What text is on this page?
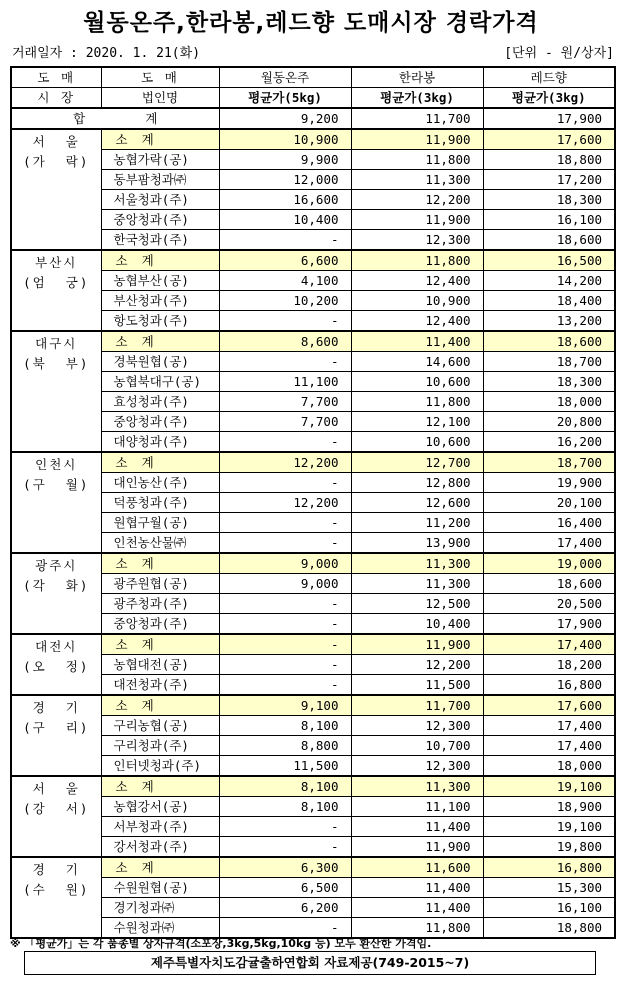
월동온주,한라봉,레드향 도매시장 경락가격
거래일자 : 2020. 1. 21(화)	[단위 - 원/상자]
도 매	도 매	월동온주	한라봉	레드향
시 장	법인명	평균가(5kg)	평균가(3kg)	평균가(3kg)
합        계		9,200	11,700	17,900

서  울
(가  락)	소계	10,900	11,900	17,600
	농협가락(공)	9,900	11,800	18,800
	동부팜청과㈜	12,000	11,300	17,200
	서울청과(주)	16,600	12,200	18,300
	중앙청과(주)	10,400	11,900	16,100
	한국청과(주)	-	12,300	18,600

부산시
(엄  궁)	소계	6,600	11,800	16,500
	농협부산(공)	4,100	12,400	14,200
	부산청과(주)	10,200	10,900	18,400
	항도청과(주)	-	12,400	13,200

대구시
(북  부)	소계	8,600	11,400	18,600
	경북원협(공)	-	14,600	18,700
	농협북대구(공)	11,100	10,600	18,300
	효성청과(주)	7,700	11,800	18,000
	중앙청과(주)	7,700	12,100	20,800
	대양청과(주)	-	10,600	16,200

인천시
(구  월)	소계	12,200	12,700	18,700
	대인농산(주)	-	12,800	19,900
	덕풍청과(주)	12,200	12,600	20,100
	원협구월(공)	-	11,200	16,400
	인천농산물㈜	-	13,900	17,400

광주시
(각  화)	소계	9,000	11,300	19,000
	광주원협(공)	9,000	11,300	18,600
	광주청과(주)	-	12,500	20,500
	중앙청과(주)	-	10,400	17,900

대전시
(오  정)	소계	-	11,900	17,400
	농협대전(공)	-	12,200	18,200
	대전청과(주)	-	11,500	16,800

경  기
(구  리)	소계	9,100	11,700	17,600
	구리농협(공)	8,100	12,300	17,400
	구리청과(주)	8,800	10,700	17,400
	인터넷청과(주)	11,500	12,300	18,000

서  울
(강  서)	소계	8,100	11,300	19,100
	농협강서(공)	8,100	11,100	18,900
	서부청과(주)	-	11,400	19,100
	강서청과(주)	-	11,900	19,800

경  기
(수  원)	소계	6,300	11,600	16,800
	수원원협(공)	6,500	11,400	15,300
	경기청과㈜	6,200	11,400	16,100
	수원청과㈜	-	11,800	18,800
※ 「평균가」는 각 품종별 상자규격(소포장,3kg,5kg,10kg 등) 모두 환산한 가격임.
제주특별자치도감귤출하연합회 자료제공(749-2015~7)
